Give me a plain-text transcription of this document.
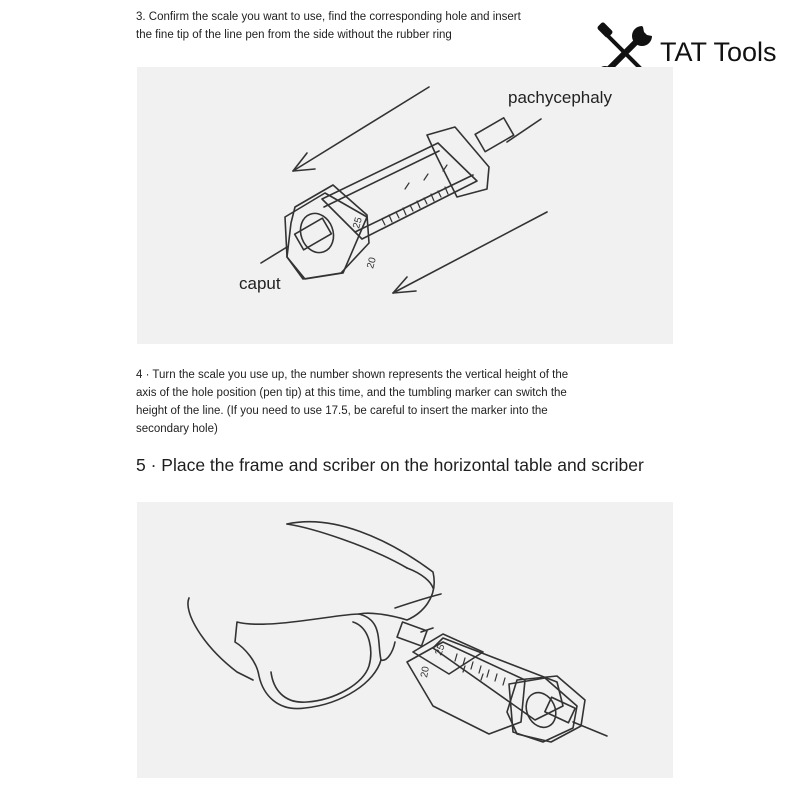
3. Confirm the scale you want to use, find the corresponding hole and insert
the fine tip of the line pen from the side without the rubber ring
TAT Tools
25
20
pachycephaly
caput
4 · Turn the scale you use up, the number shown represents the vertical height of the
axis of the hole position (pen tip) at this time, and the tumbling marker can switch the
height of the line. (If you need to use 17.5, be careful to insert the marker into the
secondary hole)
5 · Place the frame and scriber on the horizontal table and scriber
20
25
